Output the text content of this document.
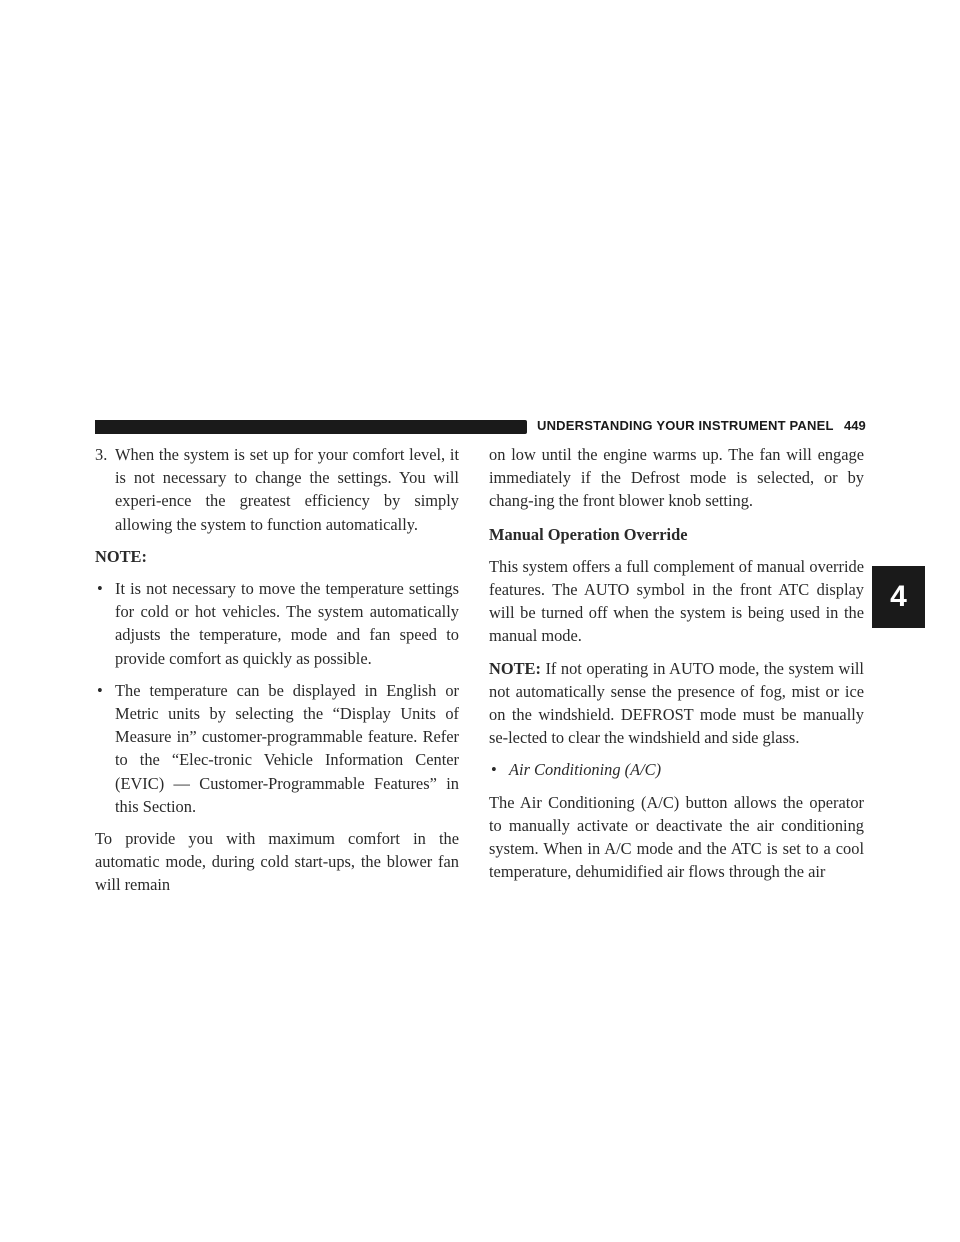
UNDERSTANDING YOUR INSTRUMENT PANEL 449
4
3. When the system is set up for your comfort level, it is not necessary to change the settings. You will experi-ence the greatest efficiency by simply allowing the system to function automatically.

NOTE:

• It is not necessary to move the temperature settings for cold or hot vehicles. The system automatically adjusts the temperature, mode and fan speed to provide comfort as quickly as possible.
• The temperature can be displayed in English or Metric units by selecting the “Display Units of Measure in” customer-programmable feature. Refer to the “Elec-tronic Vehicle Information Center (EVIC) — Customer-Programmable Features” in this Section.

To provide you with maximum comfort in the automatic mode, during cold start-ups, the blower fan will remain

on low until the engine warms up. The fan will engage immediately if the Defrost mode is selected, or by chang-ing the front blower knob setting.

Manual Operation Override

This system offers a full complement of manual override features. The AUTO symbol in the front ATC display will be turned off when the system is being used in the manual mode.

NOTE: If not operating in AUTO mode, the system will not automatically sense the presence of fog, mist or ice on the windshield. DEFROST mode must be manually se-lected to clear the windshield and side glass.

• Air Conditioning (A/C)

The Air Conditioning (A/C) button allows the operator to manually activate or deactivate the air conditioning system. When in A/C mode and the ATC is set to a cool temperature, dehumidified air flows through the air
